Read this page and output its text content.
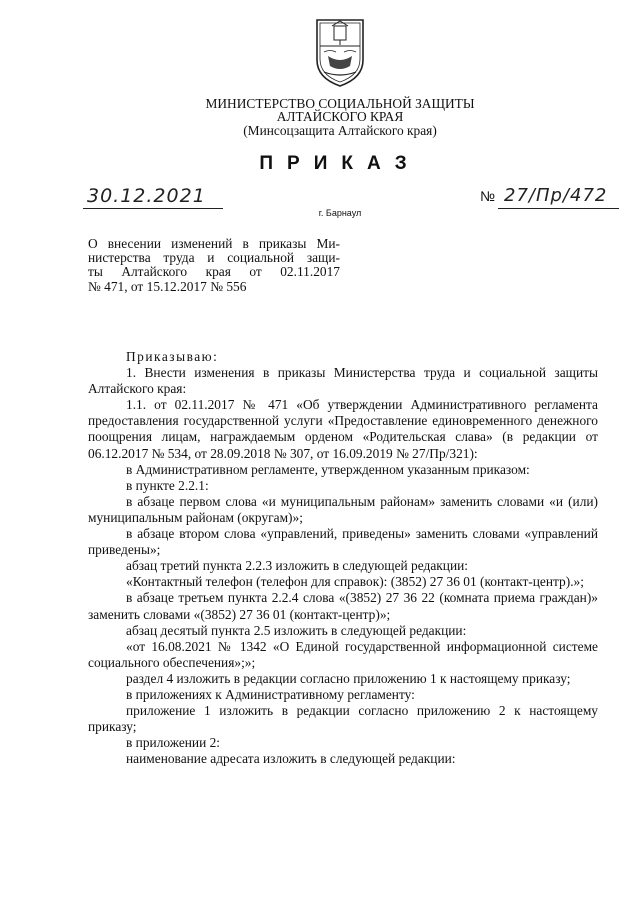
МИНИСТЕРСТВО СОЦИАЛЬНОЙ ЗАЩИТЫ
АЛТАЙСКОГО КРАЯ
(Минсоцзащита Алтайского края)
ПРИКАЗ
30.12.2021	№ 27/Пр/472
г. Барнаул
О внесении изменений в приказы Ми-
нистерства труда и социальной защи-
ты Алтайского края от 02.11.2017
№ 471, от 15.12.2017 № 556

Приказываю:

1. Внести изменения в приказы Министерства труда и социальной защиты Алтайского края:

1.1. от 02.11.2017 № 471 «Об утверждении Административного регламента предоставления государственной услуги «Предоставление единовременного денежного поощрения лицам, награждаемым орденом «Родительская слава» (в редакции от 06.12.2017 № 534, от 28.09.2018 № 307, от 16.09.2019 № 27/Пр/321):

в Административном регламенте, утвержденном указанным приказом:

в пункте 2.2.1:

в абзаце первом слова «и муниципальным районам» заменить словами «и (или) муниципальным районам (округам)»;

в абзаце втором слова «управлений, приведены» заменить словами «управлений приведены»;

абзац третий пункта 2.2.3 изложить в следующей редакции:

«Контактный телефон (телефон для справок): (3852) 27 36 01 (контакт-центр).»;

в абзаце третьем пункта 2.2.4 слова «(3852) 27 36 22 (комната приема граждан)» заменить словами «(3852) 27 36 01 (контакт-центр)»;

абзац десятый пункта 2.5 изложить в следующей редакции:

«от 16.08.2021 № 1342 «О Единой государственной информационной системе социального обеспечения»;»;

раздел 4 изложить в редакции согласно приложению 1 к настоящему приказу;

в приложениях к Административному регламенту:

приложение 1 изложить в редакции согласно приложению 2 к настоящему приказу;

в приложении 2:

наименование адресата изложить в следующей редакции:
